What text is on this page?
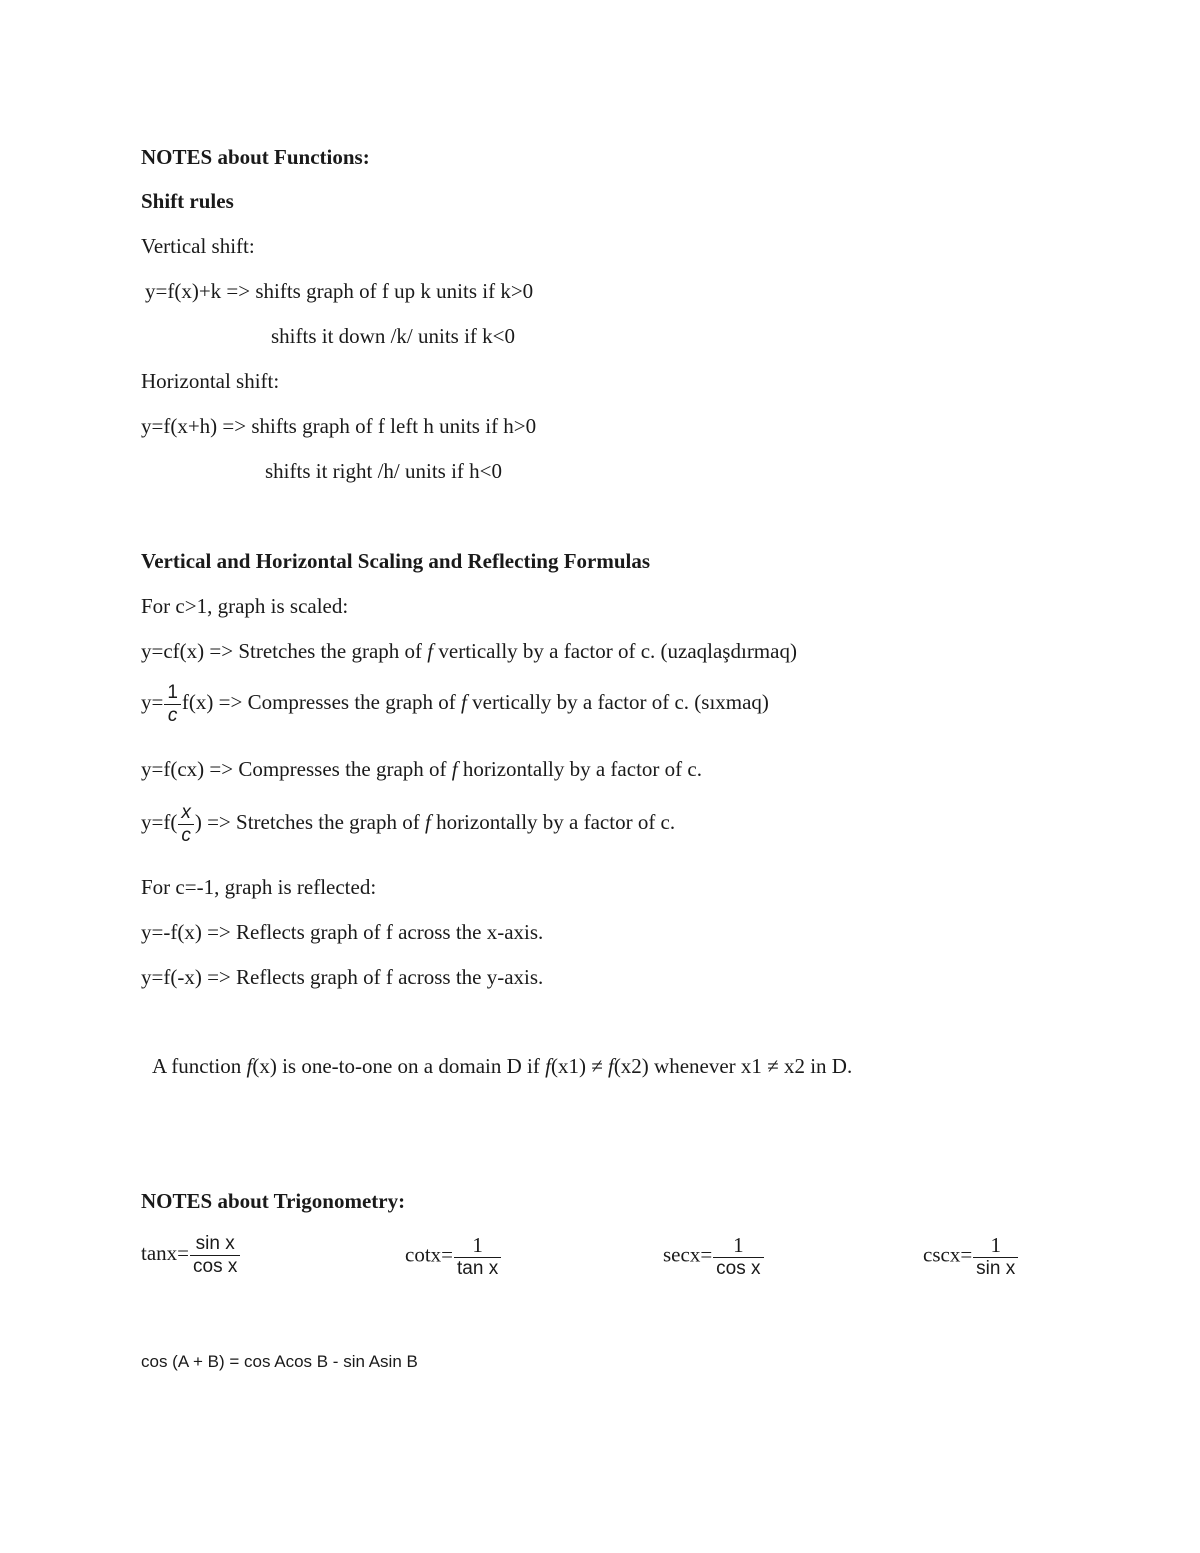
NOTES about Functions:
Shift rules
Vertical shift:
y=f(x)+k => shifts graph of f up k units if k>0
shifts it down /k/ units if k<0
Horizontal shift:
y=f(x+h) => shifts graph of f left h units if h>0
shifts it right /h/ units if h<0
Vertical and Horizontal Scaling and Reflecting Formulas
For c>1, graph is scaled:
y=cf(x) => Stretches the graph of f vertically by a factor of c. (uzaqlaşdırmaq)
$y= \frac{1}{c} f(x)$ => Compresses the graph of f vertically by a factor of c. (sıxmaq)
y=f(cx) => Compresses the graph of f horizontally by a factor of c.
$y=f( \frac{x}{c}$ ) => Stretches the graph of f horizontally by a factor of c.
For c=-1, graph is reflected:
y=-f(x) => Reflects graph of f across the x-axis.
y=f(-x) => Reflects graph of f across the y-axis.
A function f(x) is one-to-one on a domain D if f(x1) ≠ f(x2) whenever x1 ≠ x2 in D.
NOTES about Trigonometry:
$\tan x= \frac{\text{sin x}}{\text{cos x}}$	$\cot x= \frac{1}{\text{tan x}}$	$\sec x= \frac{1}{\text{cos x}}$	$\csc x= \frac{1}{\text{sin x}}$
cos (A + B) = cos Acos B - sin Asin B
